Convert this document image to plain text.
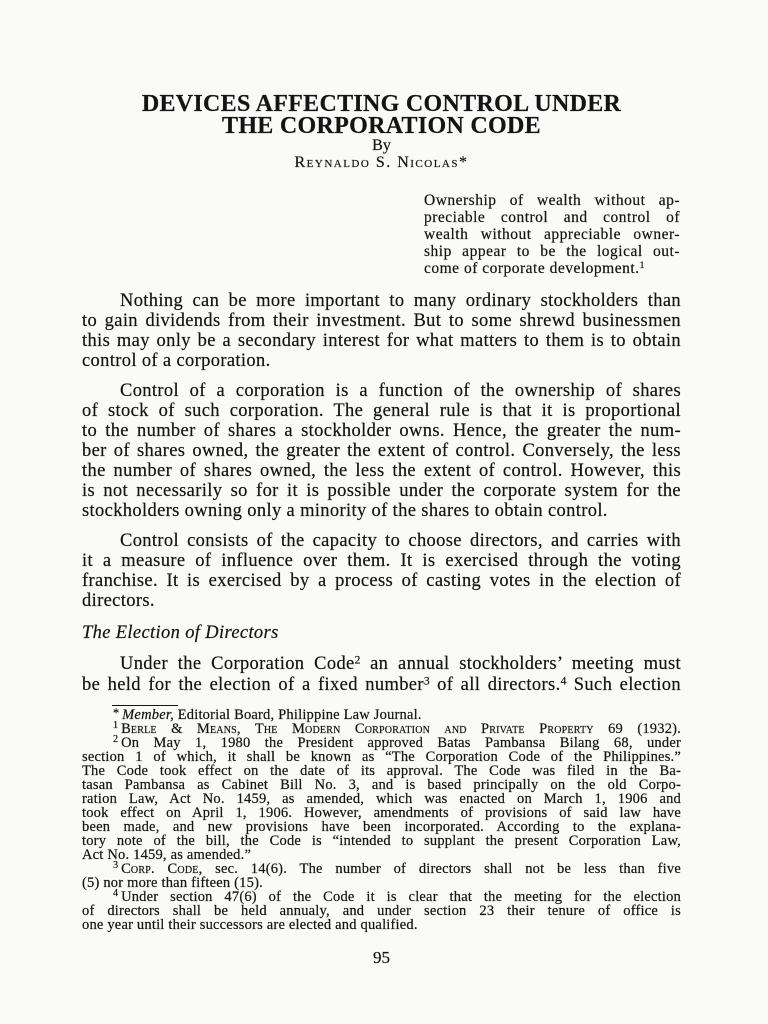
DEVICES AFFECTING CONTROL UNDER
THE CORPORATION CODE
By
Reynaldo S. Nicolas*
Ownership of wealth without ap-
preciable control and control of
wealth without appreciable owner-
ship appear to be the logical out-
come of corporate development.$^1$
Nothing can be more important to many ordinary stockholders than
to gain dividends from their investment. But to some shrewd businessmen
this may only be a secondary interest for what matters to them is to obtain
control of a corporation.
Control of a corporation is a function of the ownership of shares
of stock of such corporation. The general rule is that it is proportional
to the number of shares a stockholder owns. Hence, the greater the num-
ber of shares owned, the greater the extent of control. Conversely, the less
the number of shares owned, the less the extent of control. However, this
is not necessarily so for it is possible under the corporate system for the
stockholders owning only a minority of the shares to obtain control.
Control consists of the capacity to choose directors, and carries with
it a measure of influence over them. It is exercised through the voting
franchise. It is exercised by a process of casting votes in the election of
directors.
The Election of Directors
Under the Corporation Code$^2$ an annual stockholders’ meeting must
be held for the election of a fixed number$^3$ of all directors.$^4$ Such election
* Member, Editorial Board, Philippine Law Journal.
$^1$ Berle & Means, The Modern Corporation and Private Property 69 (1932).
$^2$ On May 1, 1980 the President approved Batas Pambansa Bilang 68, under
section 1 of which, it shall be known as “The Corporation Code of the Philippines.”
The Code took effect on the date of its approval. The Code was filed in the Ba-
tasan Pambansa as Cabinet Bill No. 3, and is based principally on the old Corpo-
ration Law, Act No. 1459, as amended, which was enacted on March 1, 1906 and
took effect on April 1, 1906. However, amendments of provisions of said law have
been made, and new provisions have been incorporated. According to the explana-
tory note of the bill, the Code is “intended to supplant the present Corporation Law,
Act No. 1459, as amended.”
$^3$ Corp. Code, sec. 14(6). The number of directors shall not be less than five
(5) nor more than fifteen (15).
$^4$ Under section 47(6) of the Code it is clear that the meeting for the election
of directors shall be held annualy, and under section 23 their tenure of office is
one year until their successors are elected and qualified.
95
